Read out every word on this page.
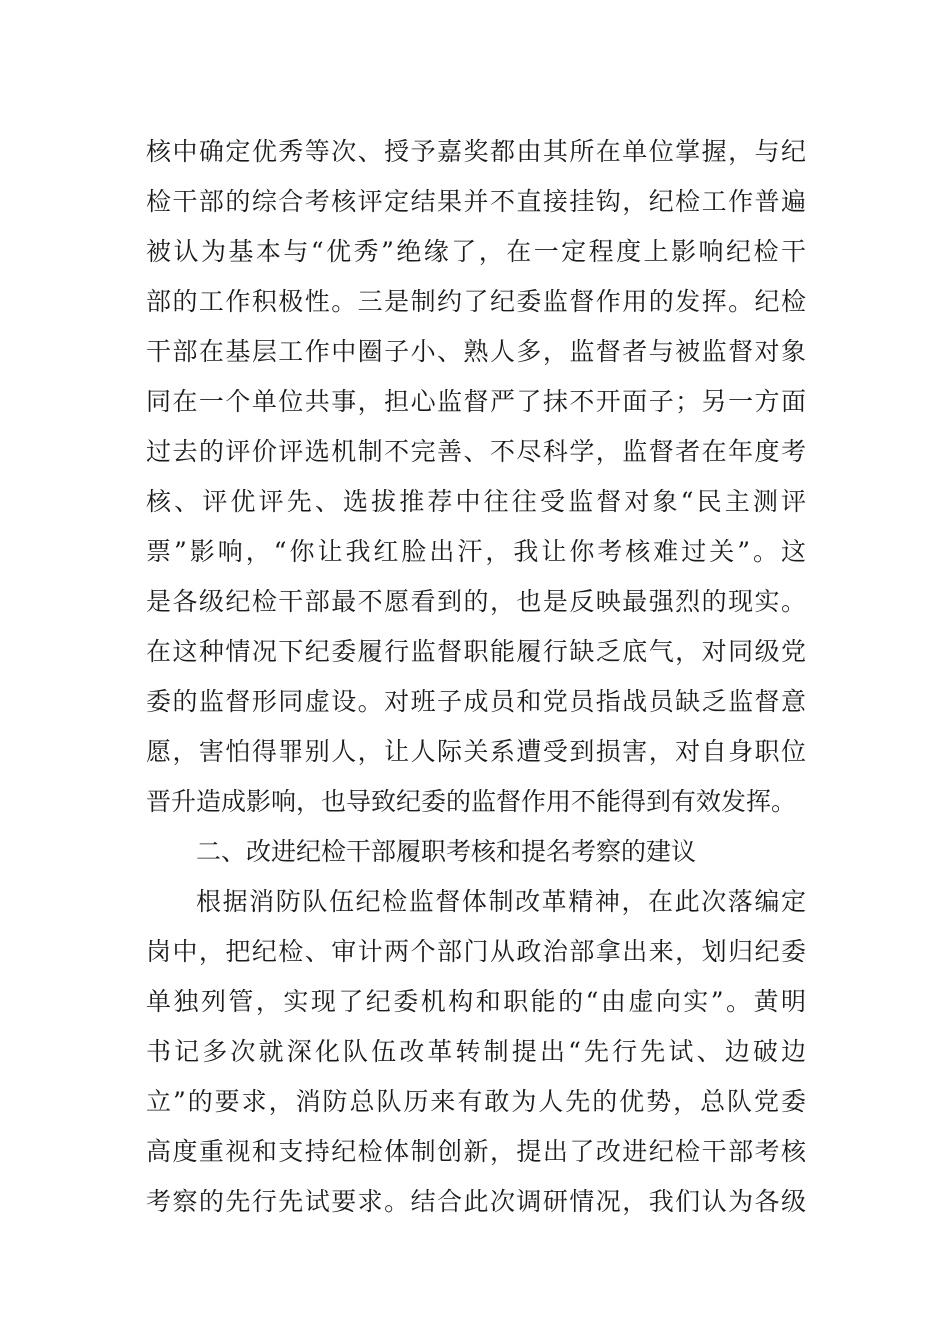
核中确定优秀等次、授予嘉奖都由其所在单位掌握，与纪
检干部的综合考核评定结果并不直接挂钩，纪检工作普遍
被认为基本与“优秀”绝缘了，在一定程度上影响纪检干
部的工作积极性。三是制约了纪委监督作用的发挥。纪检
干部在基层工作中圈子小、熟人多，监督者与被监督对象
同在一个单位共事，担心监督严了抹不开面子；另一方面
过去的评价评选机制不完善、不尽科学，监督者在年度考
核、评优评先、选拔推荐中往往受监督对象“民主测评
票”影响，“你让我红脸出汗，我让你考核难过关”。这
是各级纪检干部最不愿看到的，也是反映最强烈的现实。
在这种情况下纪委履行监督职能履行缺乏底气，对同级党
委的监督形同虚设。对班子成员和党员指战员缺乏监督意
愿，害怕得罪别人，让人际关系遭受到损害，对自身职位
晋升造成影响，也导致纪委的监督作用不能得到有效发挥。
二、改进纪检干部履职考核和提名考察的建议
根据消防队伍纪检监督体制改革精神，在此次落编定
岗中，把纪检、审计两个部门从政治部拿出来，划归纪委
单独列管，实现了纪委机构和职能的“由虚向实”。黄明
书记多次就深化队伍改革转制提出“先行先试、边破边
立”的要求，消防总队历来有敢为人先的优势，总队党委
高度重视和支持纪检体制创新，提出了改进纪检干部考核
考察的先行先试要求。结合此次调研情况，我们认为各级
